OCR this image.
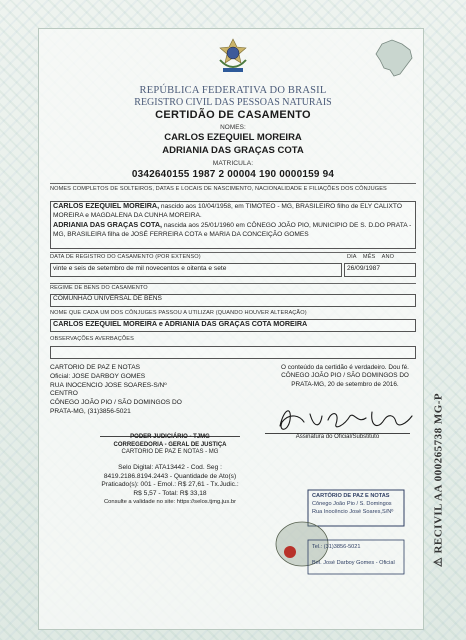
REPÚBLICA FEDERATIVA DO BRASIL
REGISTRO CIVIL DAS PESSOAS NATURAIS
CERTIDÃO DE CASAMENTO
NOMES:
CARLOS EZEQUIEL MOREIRA
ADRIANIA DAS GRAÇAS COTA
MATRICULA:
0342640155 1987 2 00004 190 0000159 94
NOMES COMPLETOS DE SOLTEIROS, DATAS E LOCAIS DE NASCIMENTO, NACIONALIDADE E FILIAÇÕES DOS CÔNJUGES
CARLOS EZEQUIEL MOREIRA, nascido aos 10/04/1958, em TIMOTEO - MG, BRASILEIRO filho de ELY CALIXTO MOREIRA e MAGDALENA DA CUNHA MOREIRA.
ADRIANIA DAS GRAÇAS COTA, nascida aos 25/01/1960 em CÔNEGO JOÃO PIO, MUNICIPIO DE S. D.DO PRATA - MG, BRASILEIRA filha de JOSÉ FERREIRA COTA e MARIA DA CONCEIÇÃO GOMES
DATA DE REGISTRO DO CASAMENTO (POR EXTENSO)	DIA    MÊS    ANO
vinte e seis de setembro de mil novecentos e oitenta e sete	26/09/1987
REGIME DE BENS DO CASAMENTO
COMUNHÃO UNIVERSAL DE BENS
NOME QUE CADA UM DOS CÔNJUGES PASSOU A UTILIZAR (QUANDO HOUVER ALTERAÇÃO)
CARLOS EZEQUIEL MOREIRA e ADRIANIA DAS GRAÇAS COTA MOREIRA
OBSERVAÇÕES AVERBAÇÕES
CARTORIO DE PAZ E NOTAS
Oficial: JOSE DARBOY GOMES
RUA INOCENCIO JOSE SOARES-S/Nº
CENTRO
CÔNEGO JOÃO PIO / SÃO DOMINGOS DO
PRATA-MG, (31)3856-5021
O conteúdo da certidão é verdadeiro. Dou fé.
CÔNEGO JOÃO PIO / SÃO DOMINGOS DO
PRATA-MG, 20 de setembro de 2016.
Assinatura do Oficial/Substituto
PODER JUDICIÁRIO - TJMG
CORREGEDORIA - GERAL DE JUSTIÇA
CARTORIO DE PAZ E NOTAS - MG
Selo Digital: ATA13442 - Cod. Seg :
8419.2186.8194.2443 - Quantidade de Ato(s)
Praticado(s): 001 - Emol.: R$ 27,61 - Tx.Judic.:
R$ 5,57 - Total: R$ 33,18
Consulte a validade no site: https://selos.tjmg.jus.br
CARTÓRIO DE PAZ E NOTAS
Cônego João Pio / S. Domingos
Rua Inocêncio José Soares,S/Nº
Tel.: (31)3856-5021
Bel. José Darboy Gomes - Oficial	⚠ RECIVIL AA 000265738 MG-P
